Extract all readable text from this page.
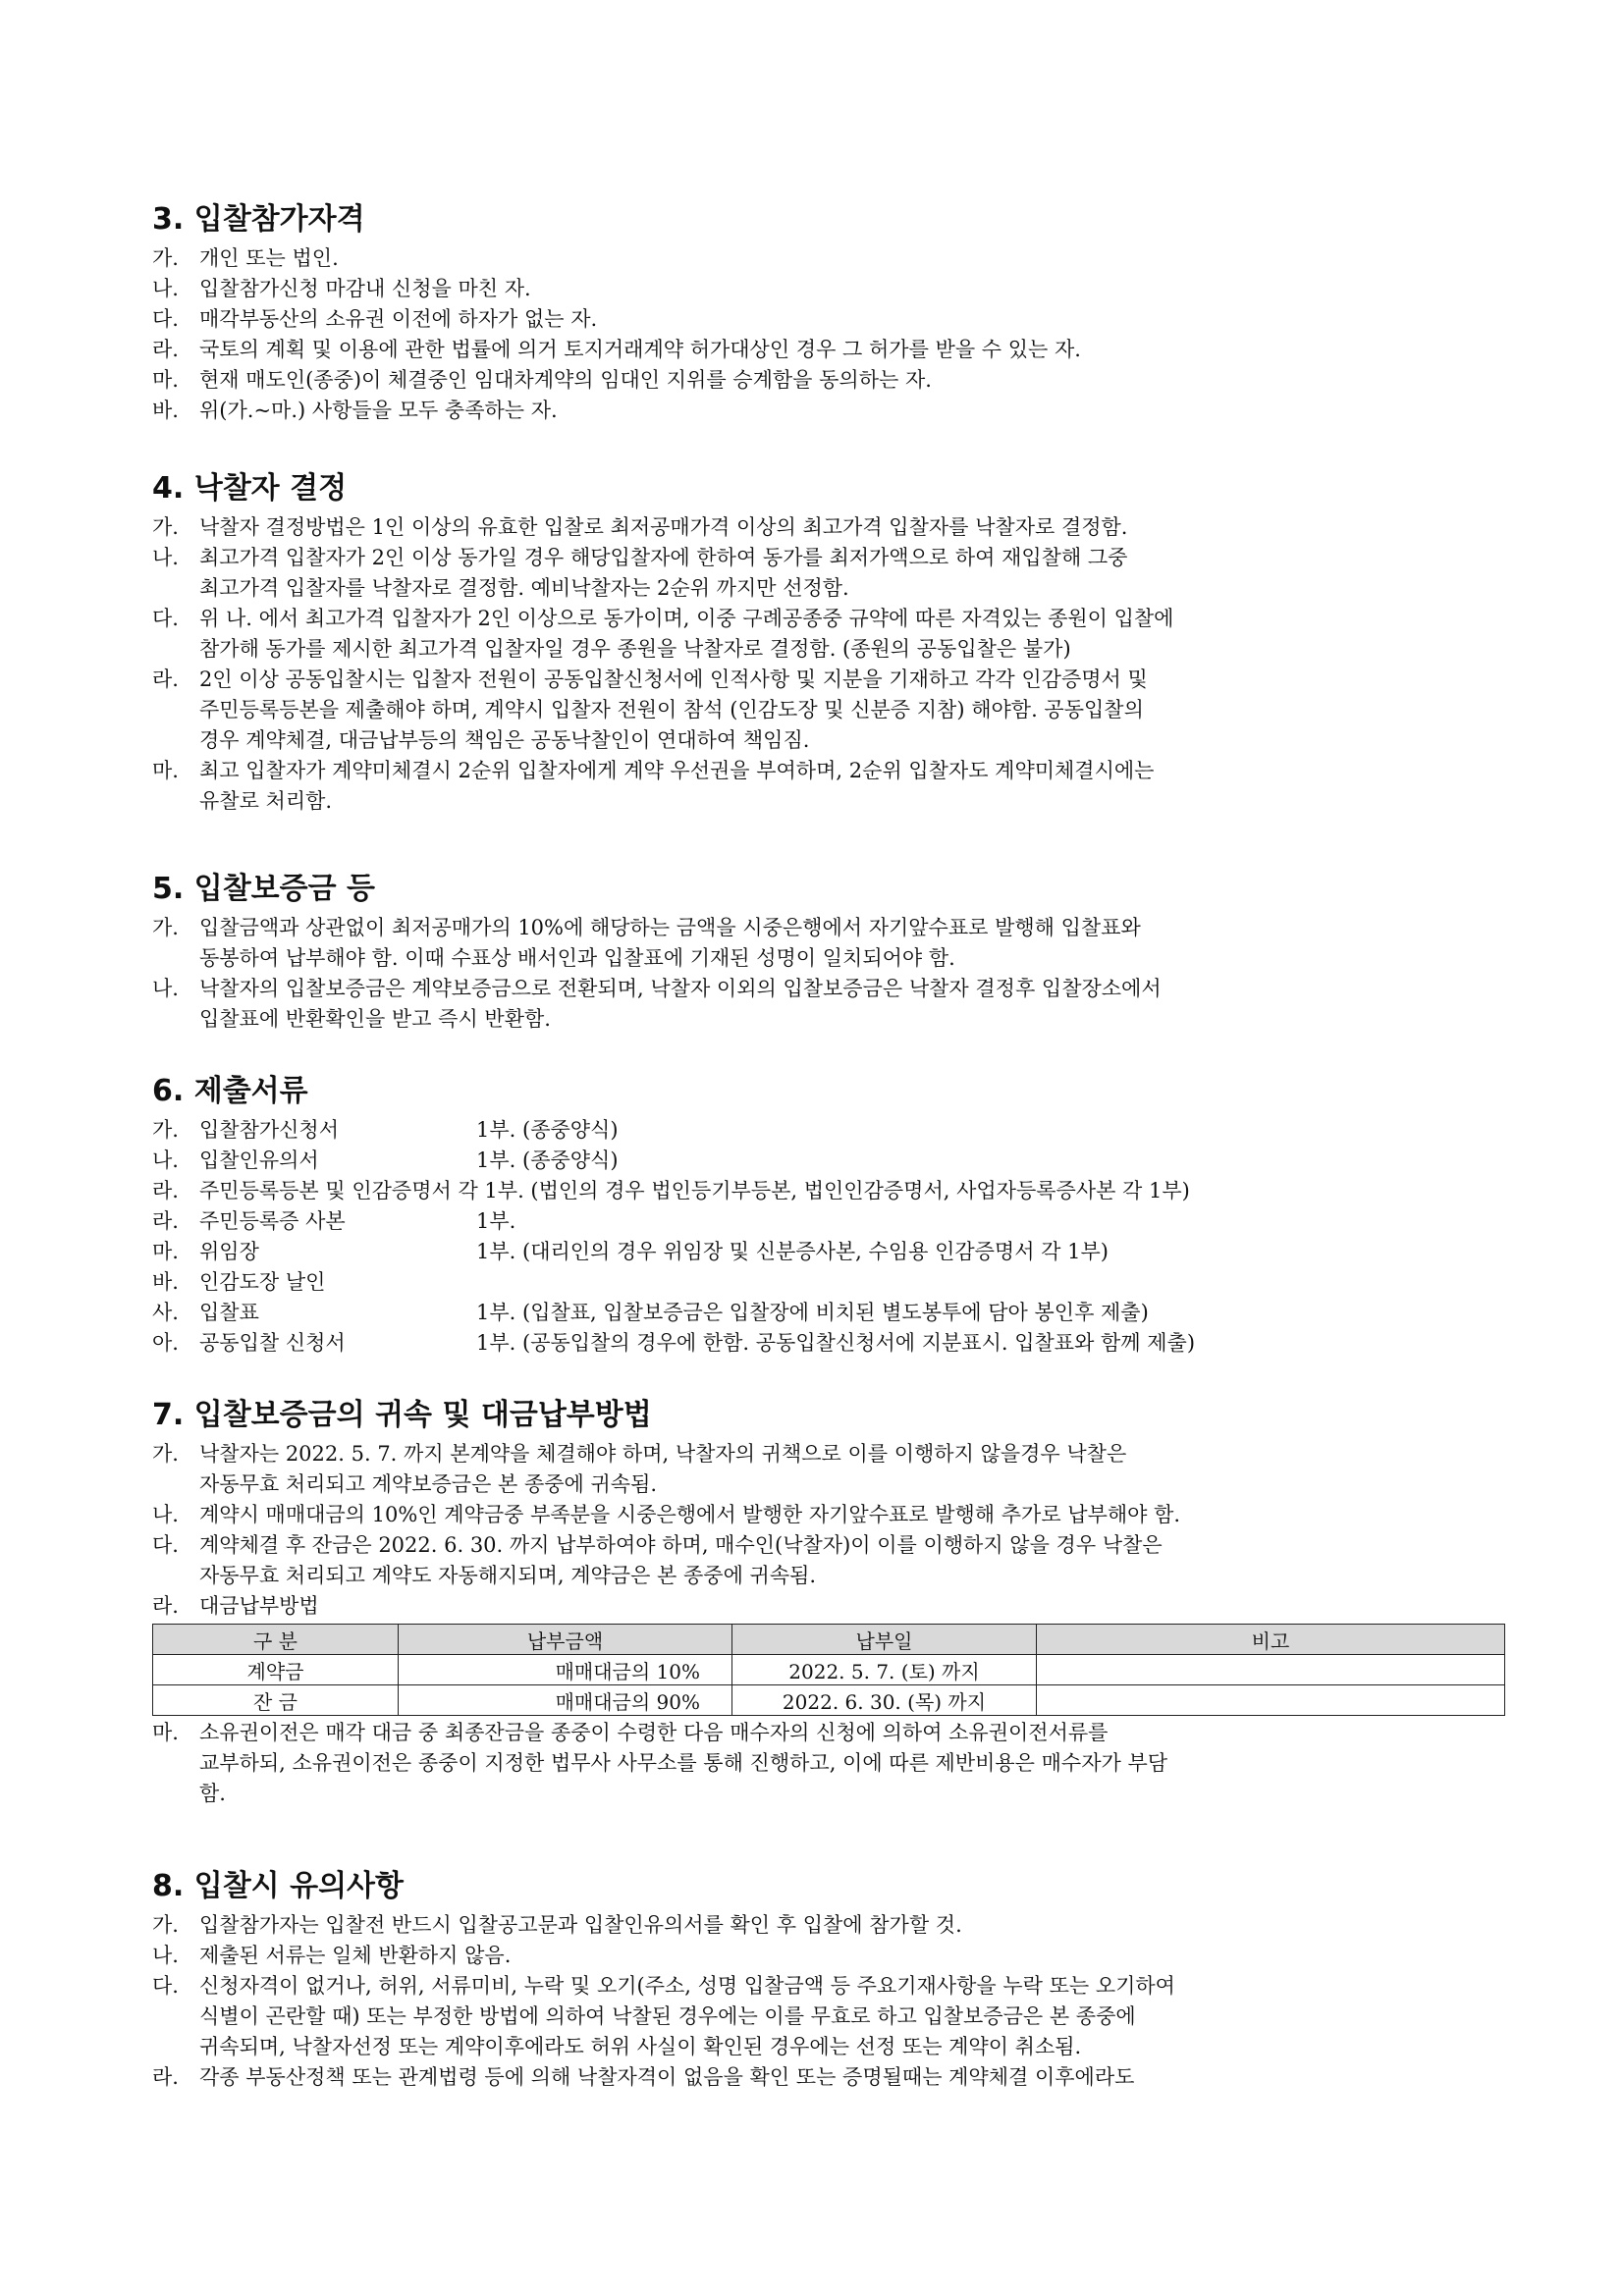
3. 입찰참가자격
가. 개인 또는 법인.
나. 입찰참가신청 마감내 신청을 마친 자.
다. 매각부동산의 소유권 이전에 하자가 없는 자.
라. 국토의 계획 및 이용에 관한 법률에 의거 토지거래계약 허가대상인 경우 그 허가를 받을 수 있는 자.
마. 현재 매도인(종중)이 체결중인 임대차계약의 임대인 지위를 승계함을 동의하는 자.
바. 위(가.~마.) 사항들을 모두 충족하는 자.
4. 낙찰자 결정
가. 낙찰자 결정방법은 1인 이상의 유효한 입찰로 최저공매가격 이상의 최고가격 입찰자를 낙찰자로 결정함.
나. 최고가격 입찰자가 2인 이상 동가일 경우 해당입찰자에 한하여 동가를 최저가액으로 하여 재입찰해 그중
최고가격 입찰자를 낙찰자로 결정함. 예비낙찰자는 2순위 까지만 선정함.
다. 위 나. 에서 최고가격 입찰자가 2인 이상으로 동가이며, 이중 구례공종중 규약에 따른 자격있는 종원이 입찰에
참가해 동가를 제시한 최고가격 입찰자일 경우 종원을 낙찰자로 결정함. (종원의 공동입찰은 불가)
라. 2인 이상 공동입찰시는 입찰자 전원이 공동입찰신청서에 인적사항 및 지분을 기재하고 각각 인감증명서 및
주민등록등본을 제출해야 하며, 계약시 입찰자 전원이 참석 (인감도장 및 신분증 지참) 해야함. 공동입찰의
경우 계약체결, 대금납부등의 책임은 공동낙찰인이 연대하여 책임짐.
마. 최고 입찰자가 계약미체결시 2순위 입찰자에게 계약 우선권을 부여하며, 2순위 입찰자도 계약미체결시에는
유찰로 처리함.
5. 입찰보증금 등
가. 입찰금액과 상관없이 최저공매가의 10%에 해당하는 금액을 시중은행에서 자기앞수표로 발행해 입찰표와
동봉하여 납부해야 함. 이때 수표상 배서인과 입찰표에 기재된 성명이 일치되어야 함.
나. 낙찰자의 입찰보증금은 계약보증금으로 전환되며, 낙찰자 이외의 입찰보증금은 낙찰자 결정후 입찰장소에서
입찰표에 반환확인을 받고 즉시 반환함.
6. 제출서류
가.	입찰참가신청서	1부. (종중양식)
나.	입찰인유의서	1부. (종중양식)
라.	주민등록등본 및 인감증명서 각 1부. (법인의 경우 법인등기부등본, 법인인감증명서, 사업자등록증사본 각 1부)
라.	주민등록증 사본	1부.
마.	위임장	1부. (대리인의 경우 위임장 및 신분증사본, 수임용 인감증명서 각 1부)
바.	인감도장 날인
사.	입찰표	1부. (입찰표, 입찰보증금은 입찰장에 비치된 별도봉투에 담아 봉인후 제출)
아.	공동입찰 신청서	1부. (공동입찰의 경우에 한함. 공동입찰신청서에 지분표시. 입찰표와 함께 제출)
7. 입찰보증금의 귀속 및 대금납부방법
가. 낙찰자는 2022. 5. 7. 까지 본계약을 체결해야 하며, 낙찰자의 귀책으로 이를 이행하지 않을경우 낙찰은
자동무효 처리되고 계약보증금은 본 종중에 귀속됨.
나. 계약시 매매대금의 10%인 계약금중 부족분을 시중은행에서 발행한 자기앞수표로 발행해 추가로 납부해야 함.
다. 계약체결 후 잔금은 2022. 6. 30. 까지 납부하여야 하며, 매수인(낙찰자)이 이를 이행하지 않을 경우 낙찰은
자동무효 처리되고 계약도 자동해지되며, 계약금은 본 종중에 귀속됨.
라. 대금납부방법
구 분	납부금액	납부일	비고
계약금	매매대금의 10%	2022. 5. 7. (토) 까지	
잔 금	매매대금의 90%	2022. 6. 30. (목) 까지	
마. 소유권이전은 매각 대금 중 최종잔금을 종중이 수령한 다음 매수자의 신청에 의하여 소유권이전서류를
교부하되, 소유권이전은 종중이 지정한 법무사 사무소를 통해 진행하고, 이에 따른 제반비용은 매수자가 부담
함.
8. 입찰시 유의사항
가. 입찰참가자는 입찰전 반드시 입찰공고문과 입찰인유의서를 확인 후 입찰에 참가할 것.
나. 제출된 서류는 일체 반환하지 않음.
다. 신청자격이 없거나, 허위, 서류미비, 누락 및 오기(주소, 성명 입찰금액 등 주요기재사항을 누락 또는 오기하여
식별이 곤란할 때) 또는 부정한 방법에 의하여 낙찰된 경우에는 이를 무효로 하고 입찰보증금은 본 종중에
귀속되며, 낙찰자선정 또는 계약이후에라도 허위 사실이 확인된 경우에는 선정 또는 계약이 취소됨.
라. 각종 부동산정책 또는 관계법령 등에 의해 낙찰자격이 없음을 확인 또는 증명될때는 계약체결 이후에라도
